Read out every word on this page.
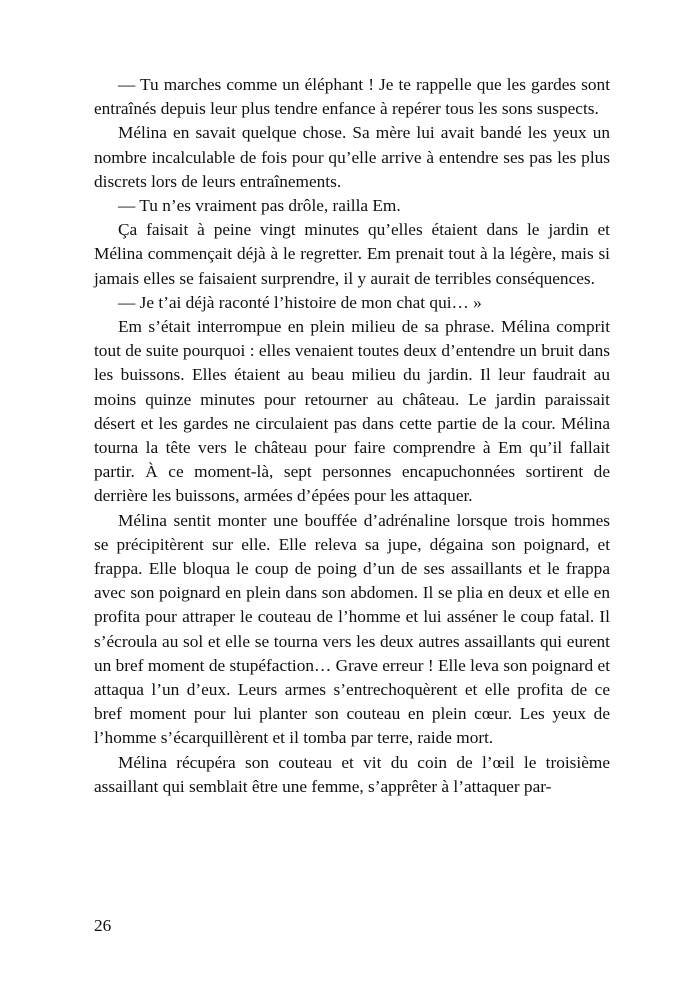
— Tu marches comme un éléphant ! Je te rappelle que les gardes sont entraînés depuis leur plus tendre enfance à repérer tous les sons suspects.

Mélina en savait quelque chose. Sa mère lui avait bandé les yeux un nombre incalculable de fois pour qu’elle arrive à entendre ses pas les plus discrets lors de leurs entraînements.

— Tu n’es vraiment pas drôle, railla Em.

Ça faisait à peine vingt minutes qu’elles étaient dans le jardin et Mélina commençait déjà à le regretter. Em prenait tout à la légère, mais si jamais elles se faisaient surprendre, il y aurait de terribles conséquences.

— Je t’ai déjà raconté l’histoire de mon chat qui… »

Em s’était interrompue en plein milieu de sa phrase. Mélina comprit tout de suite pourquoi : elles venaient toutes deux d’entendre un bruit dans les buissons. Elles étaient au beau milieu du jardin. Il leur faudrait au moins quinze minutes pour retourner au château. Le jardin paraissait désert et les gardes ne circulaient pas dans cette partie de la cour. Mélina tourna la tête vers le château pour faire comprendre à Em qu’il fallait partir. À ce moment-là, sept personnes encapuchonnées sortirent de derrière les buissons, armées d’épées pour les attaquer.

Mélina sentit monter une bouffée d’adrénaline lorsque trois hommes se précipitèrent sur elle. Elle releva sa jupe, dégaina son poignard, et frappa. Elle bloqua le coup de poing d’un de ses assaillants et le frappa avec son poignard en plein dans son abdomen. Il se plia en deux et elle en profita pour attraper le couteau de l’homme et lui asséner le coup fatal. Il s’écroula au sol et elle se tourna vers les deux autres assaillants qui eurent un bref moment de stupéfaction… Grave erreur ! Elle leva son poignard et attaqua l’un d’eux. Leurs armes s’entrechoquèrent et elle profita de ce bref moment pour lui planter son couteau en plein cœur. Les yeux de l’homme s’écarquillèrent et il tomba par terre, raide mort.

Mélina récupéra son couteau et vit du coin de l’œil le troisième assaillant qui semblait être une femme, s’apprêter à l’attaquer par-

26
